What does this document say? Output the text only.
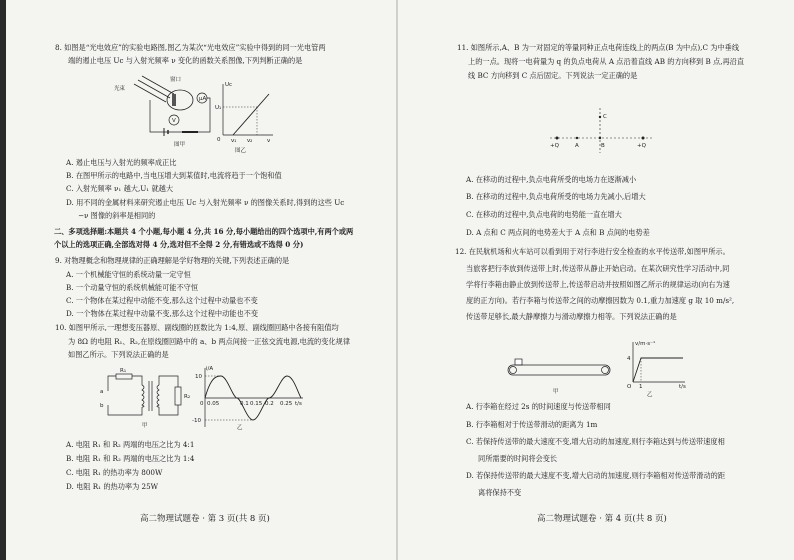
8. 如图是“光电效应”的实验电路图,图乙为某次“光电效应”实验中得到的同一光电管两
端的遏止电压 Uc 与入射光频率 ν 变化的函数关系图像,下列判断正确的是
窗口
光束
μA
V
图甲
Uc
U₁
0	ν
ν₁ ν₂
图乙
A. 遏止电压与入射光的频率成正比
B. 在图甲所示的电路中,当电压增大到某值时,电流将趋于一个饱和值
C. 入射光频率 ν₁ 越大,U₁ 就越大
D. 用不同的金属材料来研究遏止电压 Uc 与入射光频率 ν 的图像关系时,得到的这些 Uc
−ν 图像的斜率是相同的
二、多项选择题:本题共 4 个小题,每小题 4 分,共 16 分,每小题给出的四个选项中,有两个或两
个以上的选项正确,全部选对得 4 分,选对但不全得 2 分,有错选或不选得 0 分)
9. 对物理概念和物理规律的正确理解是学好物理的关键,下列表述正确的是
A. 一个机械能守恒的系统动量一定守恒
B. 一个动量守恒的系统机械能可能不守恒
C. 一个物体在某过程中动能不变,那么这个过程中动量也不变
D. 一个物体在某过程中动量不变,那么这个过程中动能也不变
10. 如图甲所示,一理想变压器原、副线圈的匝数比为 1:4,原、副线圈回路中各接有阻值均
为 8Ω 的电阻 R₁、R₂,在原线圈回路中的 a、b 两点间接一正弦交流电源,电流的变化规律
如图乙所示。下列说法正确的是
R₁
a
b
R₂
甲
i/A
10
-10
t/s
0 0.05	0.1 0.15 0.2 0.25
乙
A. 电阻 R₁ 和 R₂ 两端的电压之比为 4:1
B. 电阻 R₁ 和 R₂ 两端的电压之比为 1:4
C. 电阻 R₁ 的热功率为 800W
D. 电阻 R₁ 的热功率为 25W
高二物理试题卷 · 第 3 页(共 8 页)
11. 如图所示,A、B 为一对固定的等量同种正点电荷连线上的两点(B 为中点),C 为中垂线
上的一点。现将一电荷量为 q 的负点电荷从 A 点沿着直线 AB 的方向移到 B 点,再沿直
线 BC 方向移到 C 点后固定。下列说法一定正确的是
C
+Q	A	B	+Q
A. 在移动的过程中,负点电荷所受的电场力在逐渐减小
B. 在移动的过程中,负点电荷所受的电场力先减小,后增大
C. 在移动的过程中,负点电荷的电势能一直在增大
D. A 点和 C 两点间的电势差大于 A 点和 B 点间的电势差
12. 在民航机场和火车站可以看到用于对行李进行安全检查的水平传送带,如图甲所示。
当旅客把行李放到传送带上时,传送带从静止开始启动。在某次研究性学习活动中,同
学将行李箱由静止放到传送带上,传送带启动并按照如图乙所示的规律运动(向右为速
度的正方向)。若行李箱与传送带之间的动摩擦因数为 0.1,重力加速度 g 取 10 m/s²,
传送带足够长,最大静摩擦力与滑动摩擦力相等。下列说法正确的是
甲
v/m·s⁻¹
4
O 1	t/s
乙
A. 行李箱在经过 2s 的时间速度与传送带相同
B. 行李箱相对于传送带滑动的距离为 1m
C. 若保持传送带的最大速度不变,增大启动的加速度,则行李箱达到与传送带速度相
同所需要的时间将会变长
D. 若保持传送带的最大速度不变,增大启动的加速度,则行李箱相对传送带滑动的距
离将保持不变
高二物理试题卷 · 第 4 页(共 8 页)
